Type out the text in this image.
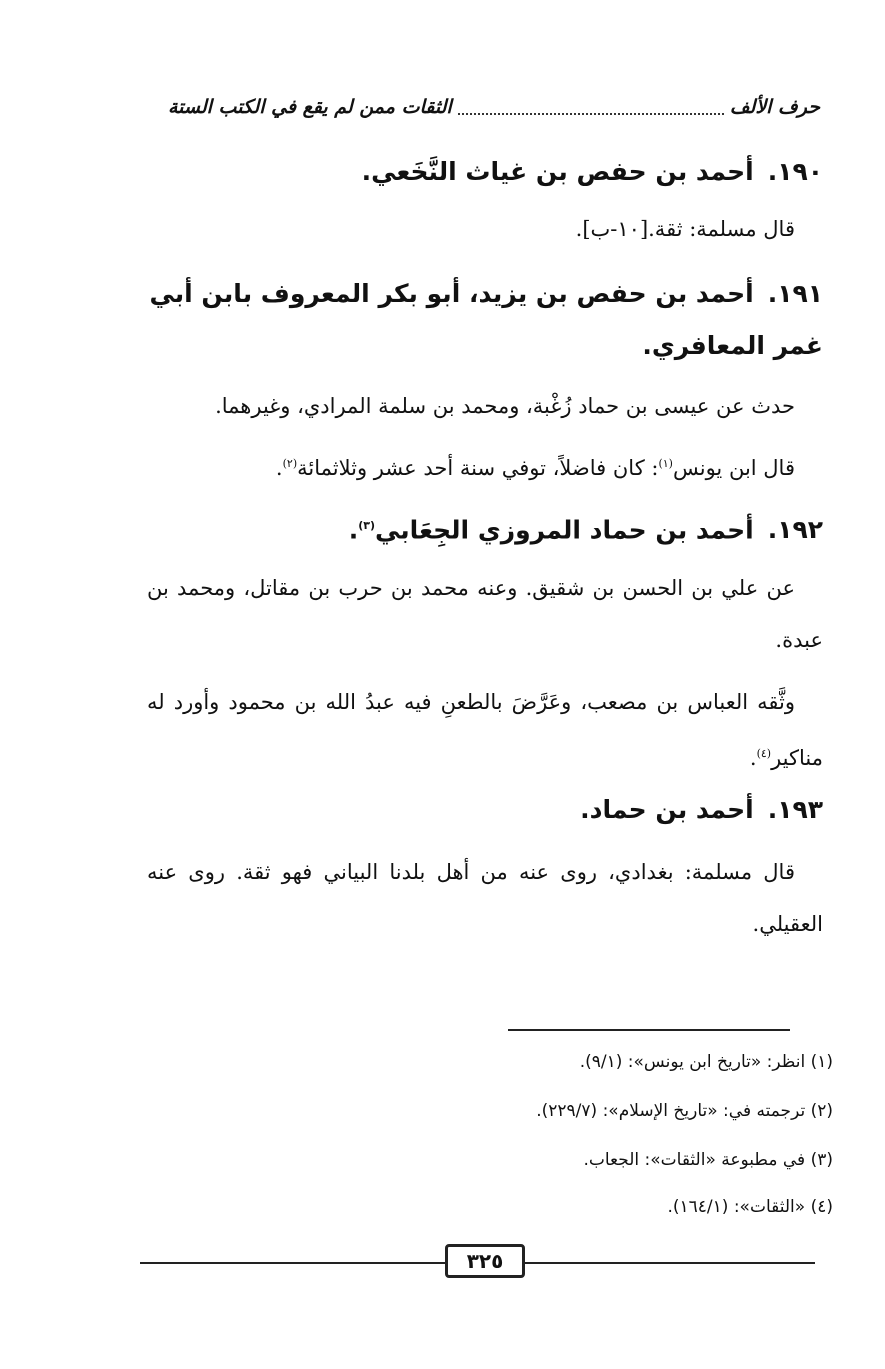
حرف الألف
الثقات ممن لم يقع في الكتب الستة
١٩٠.أحمد بن حفص بن غياث النَّخَعي.
قال مسلمة: ثقة.[١٠-ب].
١٩١.أحمد بن حفص بن يزيد، أبو بكر المعروف بابن أبي غمر المعافري.
حدث عن عيسى بن حماد زُغْبة، ومحمد بن سلمة المرادي، وغيرهما.
قال ابن يونس$^{(١)}$: كان فاضلاً، توفي سنة أحد عشر وثلاثمائة$^{(٢)}$.
١٩٢.أحمد بن حماد المروزي الجِعَابي$^{(٣)}$.
عن علي بن الحسن بن شقيق. وعنه محمد بن حرب بن مقاتل، ومحمد بن عبدة.
وثَّقه العباس بن مصعب، وعَرَّضَ بالطعنِ فيه عبدُ الله بن محمود وأورد له مناكير$^{(٤)}$.
١٩٣.أحمد بن حماد.
قال مسلمة: بغدادي، روى عنه من أهل بلدنا البياني فهو ثقة. روى عنه العقيلي.
(١) انظر: «تاريخ ابن يونس»: (٩/١).
(٢) ترجمته في: «تاريخ الإسلام»: (٢٢٩/٧).
(٣) في مطبوعة «الثقات»: الجعاب.
(٤) «الثقات»: (١٦٤/١).
٣٢٥
